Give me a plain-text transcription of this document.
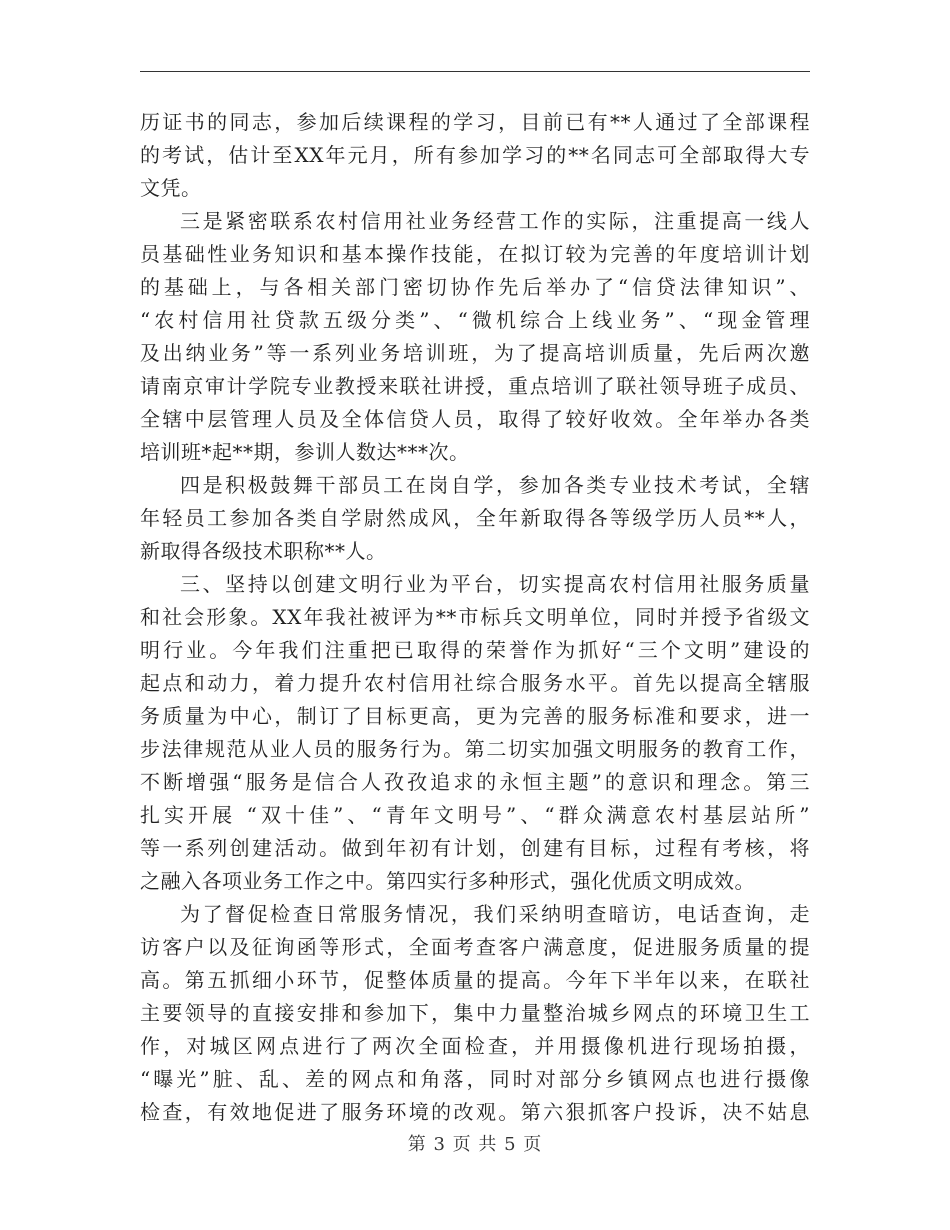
历证书的同志，参加后续课程的学习，目前已有**人通过了全部课程
的考试，估计至XX年元月，所有参加学习的**名同志可全部取得大专
文凭。
三是紧密联系农村信用社业务经营工作的实际，注重提高一线人
员基础性业务知识和基本操作技能，在拟订较为完善的年度培训计划
的基础上，与各相关部门密切协作先后举办了“信贷法律知识”、
“农村信用社贷款五级分类”、“微机综合上线业务”、“现金管理
及出纳业务”等一系列业务培训班，为了提高培训质量，先后两次邀
请南京审计学院专业教授来联社讲授，重点培训了联社领导班子成员、
全辖中层管理人员及全体信贷人员，取得了较好收效。全年举办各类
培训班*起**期，参训人数达***次。
四是积极鼓舞干部员工在岗自学，参加各类专业技术考试，全辖
年轻员工参加各类自学尉然成风，全年新取得各等级学历人员**人，
新取得各级技术职称**人。
三、坚持以创建文明行业为平台，切实提高农村信用社服务质量
和社会形象。XX年我社被评为**市标兵文明单位，同时并授予省级文
明行业。今年我们注重把已取得的荣誉作为抓好“三个文明”建设的
起点和动力，着力提升农村信用社综合服务水平。首先以提高全辖服
务质量为中心，制订了目标更高，更为完善的服务标准和要求，进一
步法律规范从业人员的服务行为。第二切实加强文明服务的教育工作，
不断增强“服务是信合人孜孜追求的永恒主题”的意识和理念。第三
扎实开展 “双十佳”、“青年文明号”、“群众满意农村基层站所”
等一系列创建活动。做到年初有计划，创建有目标，过程有考核，将
之融入各项业务工作之中。第四实行多种形式，强化优质文明成效。
为了督促检查日常服务情况，我们采纳明查暗访，电话查询，走
访客户以及征询函等形式，全面考查客户满意度，促进服务质量的提
高。第五抓细小环节，促整体质量的提高。今年下半年以来，在联社
主要领导的直接安排和参加下，集中力量整治城乡网点的环境卫生工
作，对城区网点进行了两次全面检查，并用摄像机进行现场拍摄，
“曝光”脏、乱、差的网点和角落，同时对部分乡镇网点也进行摄像
检查，有效地促进了服务环境的改观。第六狠抓客户投诉，决不姑息
第 3 页 共 5 页
